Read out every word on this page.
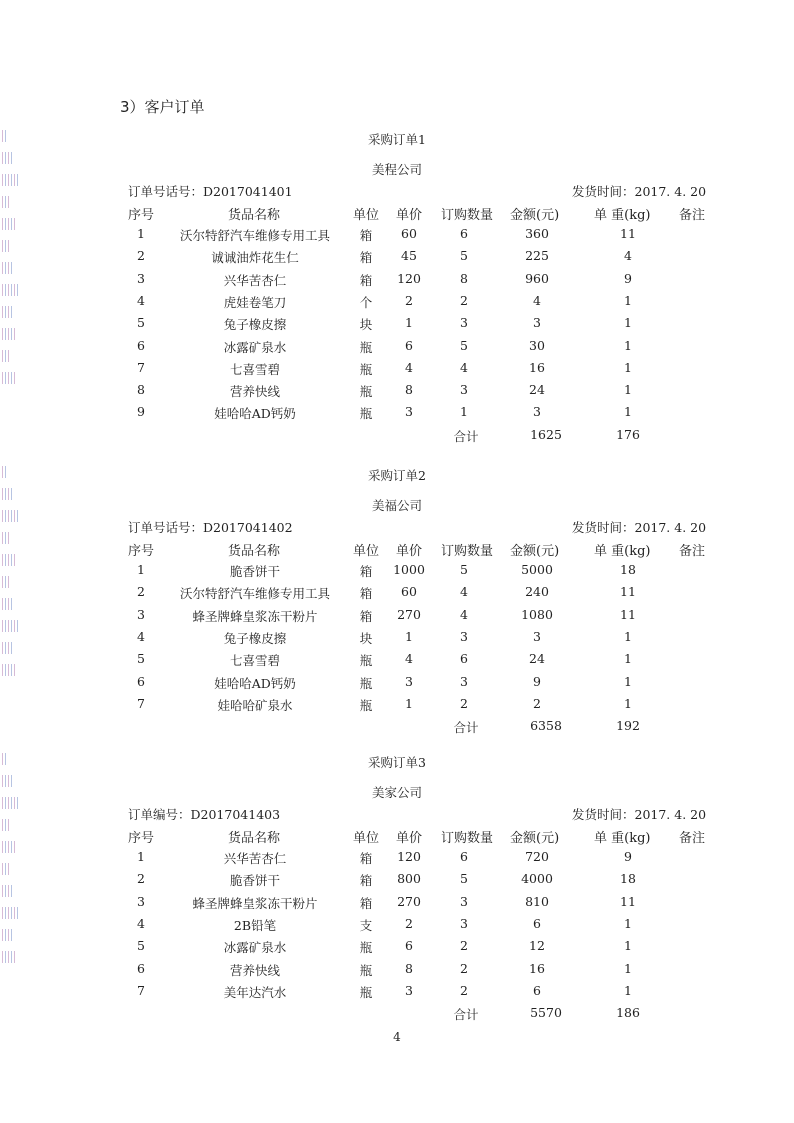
3）客户订单
采购订单1
美程公司
订单号话号：D2017041401	发货时间：2017. 4. 20
序号	货品名称	单位 单价 订购数量 金额(元)	单 重(kg) 备注
1	沃尔特舒汽车维修专用工具 箱 60	6	360	11
2	诚诚油炸花生仁	箱 45	5	225	4
3	兴华苦杏仁	箱 120	8	960	9
4	虎娃卷笔刀	个	2	2	4	1
5	兔子橡皮擦	块	1	3	3	1
6	冰露矿泉水	瓶	6	5	30	1
7	七喜雪碧	瓶	4	4	16	1
8	营养快线	瓶	8	3	24	1
9	娃哈哈AD钙奶	瓶	3	1	3	1
合计	1625	176
采购订单2
美福公司
订单号话号：D2017041402	发货时间：2017. 4. 20
序号	货品名称	单位 单价 订购数量 金额(元)	单 重(kg) 备注
1	脆香饼干	箱 1000	5	5000	18
2	沃尔特舒汽车维修专用工具 箱 60	4	240	11
3	蜂圣牌蜂皇浆冻干粉片	箱 270	4	1080	11
4	兔子橡皮擦	块	1	3	3	1
5	七喜雪碧	瓶	4	6	24	1
6	娃哈哈AD钙奶	瓶	3	3	9	1
7	娃哈哈矿泉水	瓶	1	2	2	1
合计	6358	192
采购订单3
美家公司
订单编号：D2017041403	发货时间：2017. 4. 20
序号	货品名称	单位 单价 订购数量 金额(元)	单 重(kg) 备注
1	兴华苦杏仁	箱 120	6	720	9
2	脆香饼干	箱 800	5	4000	18
3	蜂圣牌蜂皇浆冻干粉片	箱 270	3	810	11
4	2B铅笔	支	2	3	6	1
5	冰露矿泉水	瓶	6	2	12	1
6	营养快线	瓶	8	2	16	1
7	美年达汽水	瓶	3	2	6	1
合计	5570	186
4
